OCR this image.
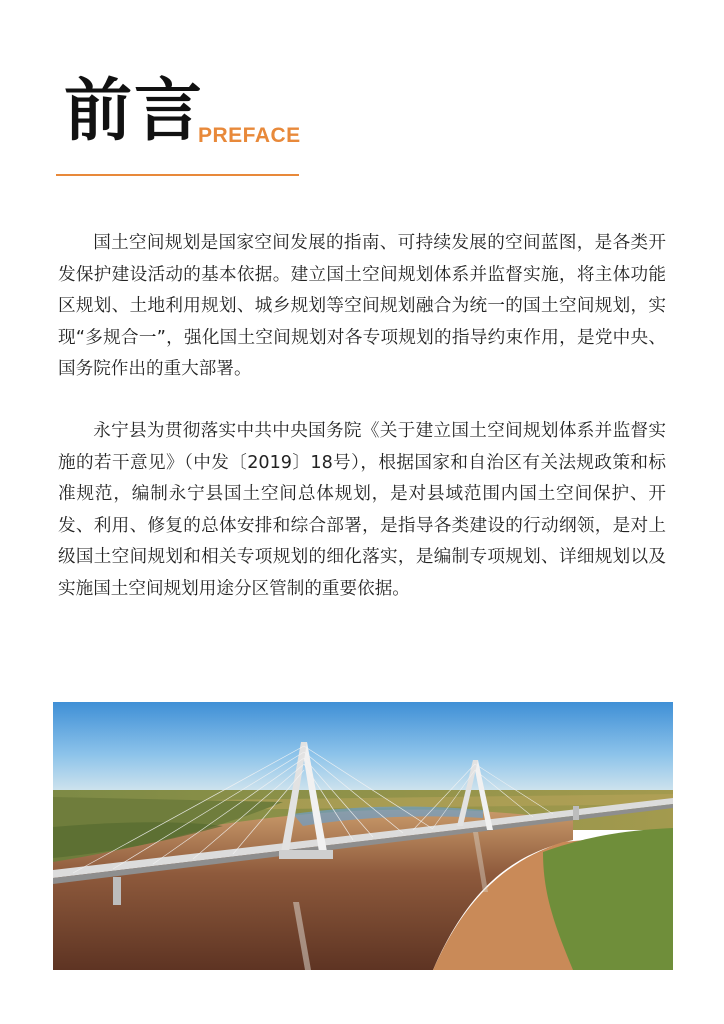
前言
PREFACE

国土空间规划是国家空间发展的指南、可持续发展的空间蓝图，是各类开发保护建设活动的基本依据。建立国土空间规划体系并监督实施，将主体功能区规划、土地利用规划、城乡规划等空间规划融合为统一的国土空间规划，实现“多规合一”，强化国土空间规划对各专项规划的指导约束作用，是党中央、国务院作出的重大部署。

永宁县为贯彻落实中共中央国务院《关于建立国土空间规划体系并监督实施的若干意见》（中发〔2019〕18号），根据国家和自治区有关法规政策和标准规范，编制永宁县国土空间总体规划，是对县域范围内国土空间保护、开发、利用、修复的总体安排和综合部署，是指导各类建设的行动纲领，是对上级国土空间规划和相关专项规划的细化落实，是编制专项规划、详细规划以及实施国土空间规划用途分区管制的重要依据。
